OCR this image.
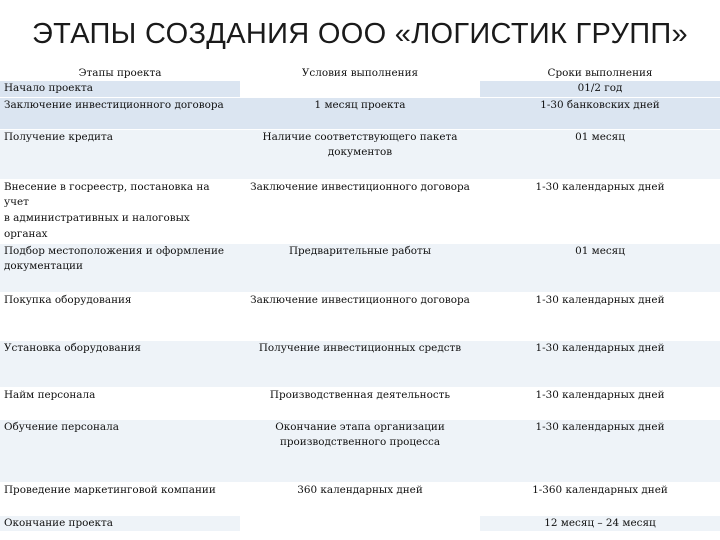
ЭТАПЫ СОЗДАНИЯ ООО «ЛОГИСТИК ГРУПП»
Этапы проекта	Условия выполнения	Сроки выполнения
Начало проекта		01/2 год
Заключение инвестиционного договора	1 месяц проекта	1-30 банковских дней
Получение кредита	Наличие соответствующего пакета документов	01 месяц
Внесение в госреестр, постановка на учет
в административных и налоговых органах	Заключение инвестиционного договора	1-30 календарных дней
Подбор местоположения и оформление документации	Предварительные работы	01 месяц
Покупка оборудования	Заключение инвестиционного договора	1-30 календарных дней
Установка оборудования	Получение инвестиционных средств	1-30 календарных дней
Найм персонала	Производственная деятельность	1-30 календарных дней
Обучение персонала	Окончание этапа организации производственного процесса	1-30 календарных дней
Проведение маркетинговой компании	360 календарных дней	1-360 календарных дней
Окончание проекта		12 месяц – 24 месяц
